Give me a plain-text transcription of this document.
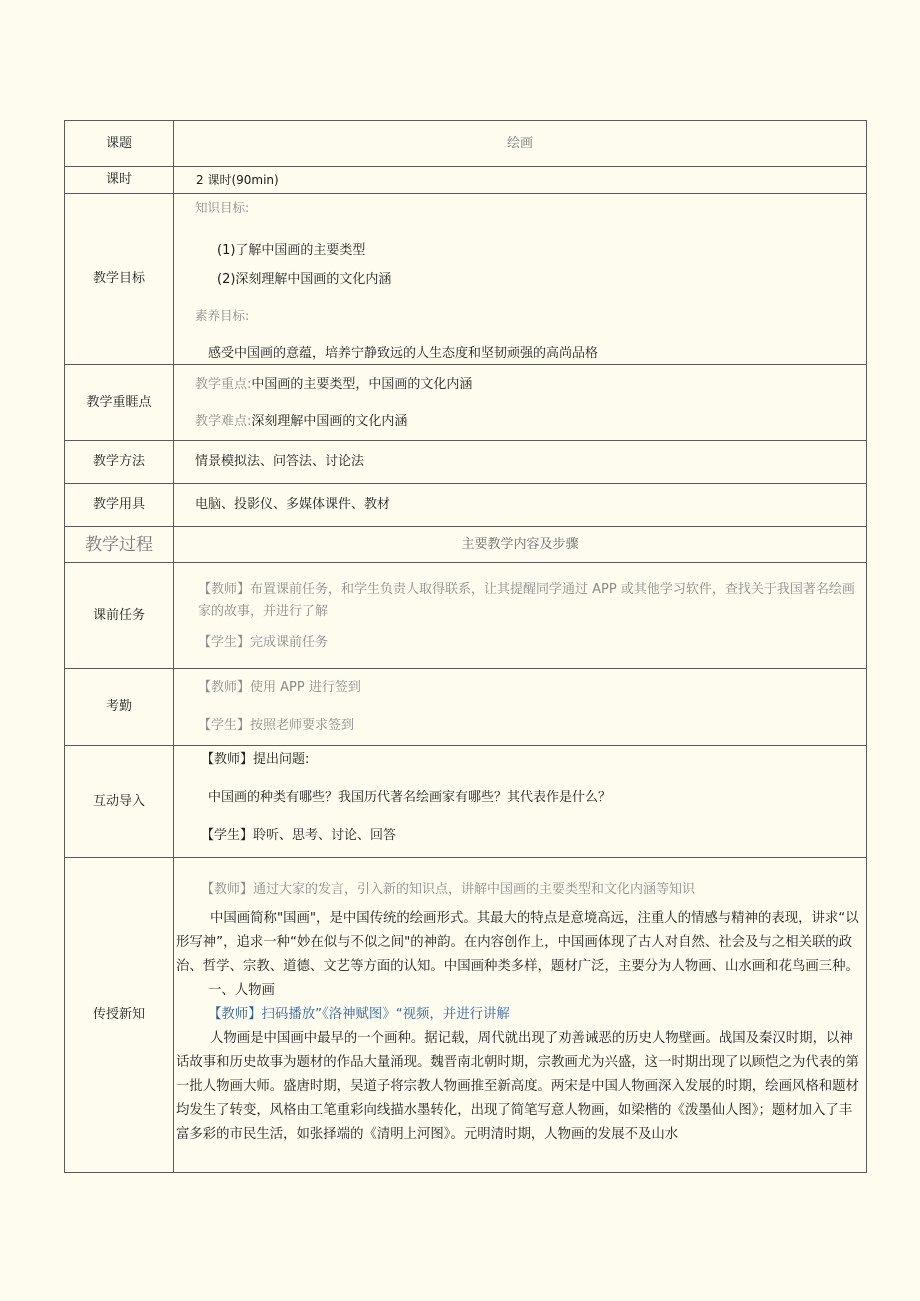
课题	绘画
课时	2 课时(90min)
教学目标	知识目标:
(1)了解中国画的主要类型
(2)深刻理解中国画的文化内涵
素养目标:
感受中国画的意蕴，培养宁静致远的人生态度和坚韧顽强的高尚品格

教学重睚点	教学重点:中国画的主要类型，中国画的文化内涵
教学难点:深刻理解中国画的文化内涵

教学方法	情景模拟法、问答法、讨论法
教学用具	电脑、投影仪、多媒体课件、教材
教学过程	主要教学内容及步骤
课前任务	【教师】布置课前任务，和学生负责人取得联系，让其提醒同学通过 APP 或其他学习软件，查找关于我国著名绘画家的故事，并进行了解
【学生】完成课前任务

考勤	【教师】使用 APP 进行签到
【学生】按照老师要求签到

互动导入	【教师】提出问题:
中国画的种类有哪些？我国历代著名绘画家有哪些？其代表作是什么？
【学生】聆听、思考、讨论、回答

传授新知	【教师】通过大家的发言，引入新的知识点，讲解中国画的主要类型和文化内涵等知识
中国画简称"国画"，是中国传统的绘画形式。其最大的特点是意境高远，注重人的情感与精神的表现，讲求“以形写神”，追求一种“妙在似与不似之间"的神韵。在内容创作上，中国画体现了古人对自然、社会及与之相关联的政治、哲学、宗教、道德、文艺等方面的认知。中国画种类多样，题材广泛，主要分为人物画、山水画和花鸟画三种。
一、人物画
【教师】扫码播放”《洛神赋图》“视频，并进行讲解
人物画是中国画中最早的一个画种。据记载，周代就出现了劝善诫恶的历史人物壁画。战国及秦汉时期，以神话故事和历史故事为题材的作品大量涌现。魏晋南北朝时期，宗教画尤为兴盛，这一时期出现了以顾恺之为代表的第一批人物画大师。盛唐时期，吴道子将宗教人物画推至新高度。两宋是中国人物画深入发展的时期，绘画风格和题材均发生了转变，风格由工笔重彩向线描水墨转化，出现了简笔写意人物画，如梁楷的《泼墨仙人图》；题材加入了丰富多彩的市民生活，如张择端的《清明上河图》。元明清时期，人物画的发展不及山水
